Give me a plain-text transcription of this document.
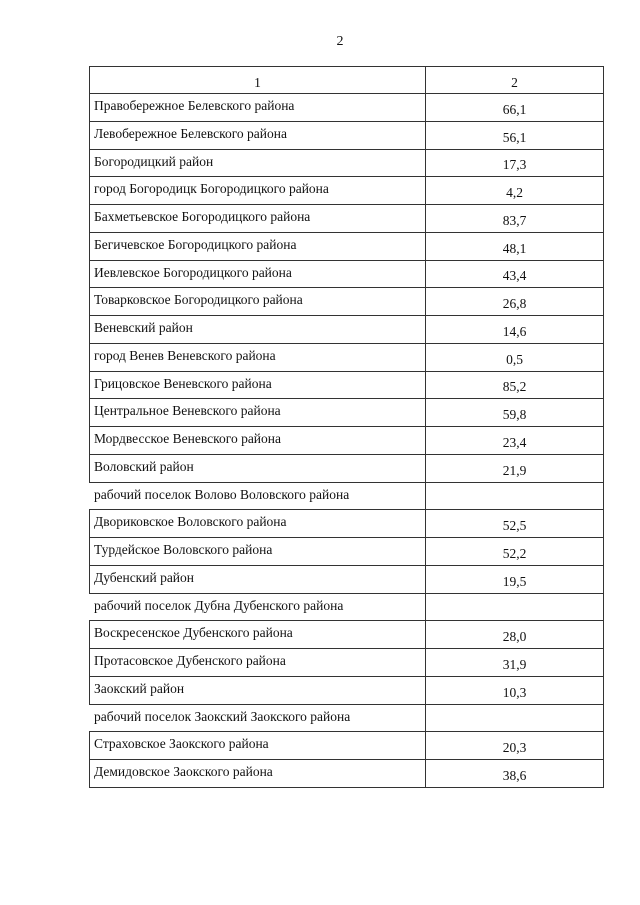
2
1	2
Правобережное Белевского района	66,1
Левобережное Белевского района	56,1
Богородицкий район	17,3
город Богородицк Богородицкого района	4,2
Бахметьевское Богородицкого района	83,7
Бегичевское Богородицкого района	48,1
Иевлевское Богородицкого района	43,4
Товарковское Богородицкого района	26,8
Веневский район	14,6
город Венев Веневского района	0,5
Грицовское Веневского района	85,2
Центральное Веневского района	59,8
Мордвесское Веневского района	23,4
Воловский район	21,9
рабочий поселок Волово Воловского района	
Двориковское Воловского района	52,5
Турдейское Воловского района	52,2
Дубенский район	19,5
рабочий поселок Дубна Дубенского района	
Воскресенское Дубенского района	28,0
Протасовское Дубенского района	31,9
Заокский район	10,3
рабочий поселок Заокский Заокского района	
Страховское Заокского района	20,3
Демидовское Заокского района	38,6
